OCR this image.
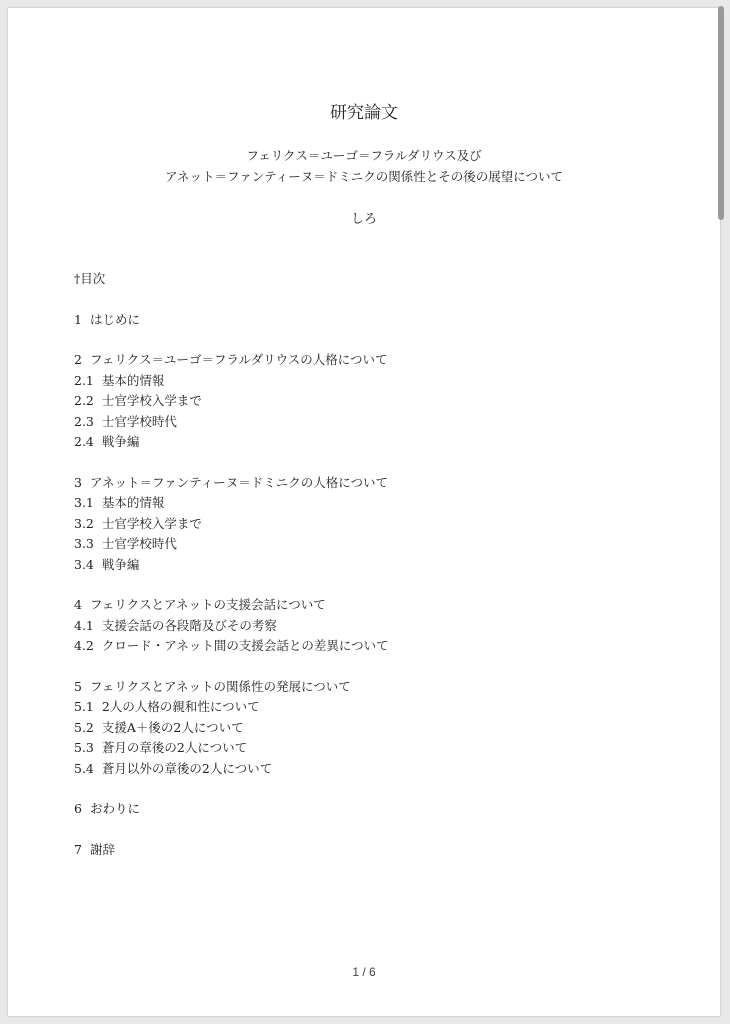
研究論文
フェリクス＝ユーゴ＝フラルダリウス及び
アネット＝ファンティーヌ＝ドミニクの関係性とその後の展望について
しろ
†目次
1 はじめに
2 フェリクス＝ユーゴ＝フラルダリウスの人格について
2.1 基本的情報
2.2 士官学校入学まで
2.3 士官学校時代
2.4 戦争編
3 アネット＝ファンティーヌ＝ドミニクの人格について
3.1 基本的情報
3.2 士官学校入学まで
3.3 士官学校時代
3.4 戦争編
4 フェリクスとアネットの支援会話について
4.1 支援会話の各段階及びその考察
4.2 クロード・アネット間の支援会話との差異について
5 フェリクスとアネットの関係性の発展について
5.1 2人の人格の親和性について
5.2 支援A＋後の2人について
5.3 蒼月の章後の2人について
5.4 蒼月以外の章後の2人について
6 おわりに
7 謝辞
1 / 6
